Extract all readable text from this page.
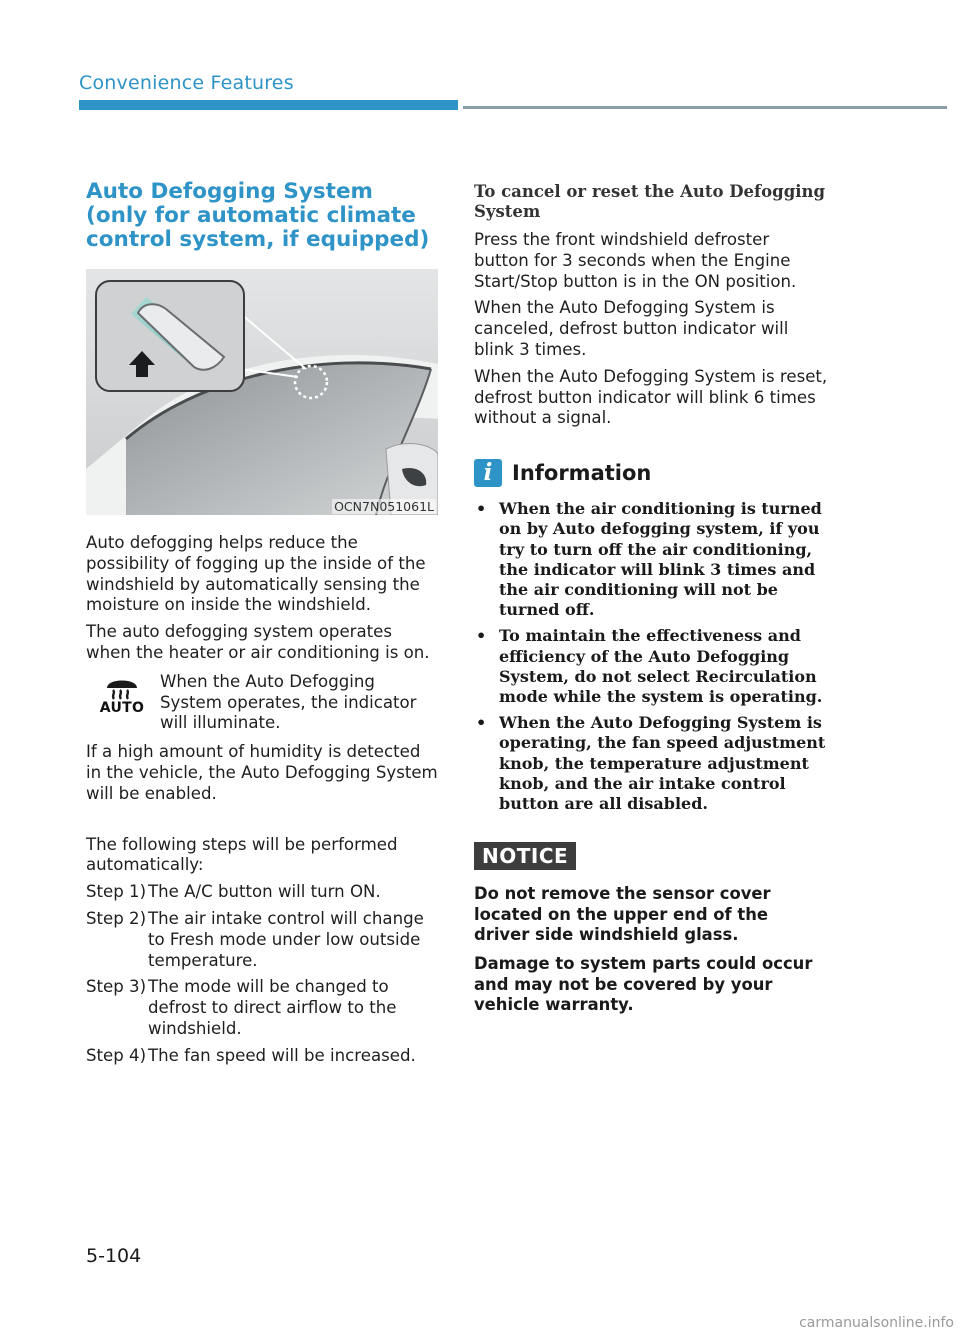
Convenience Features
Auto Defogging System (only for automatic climate control system, if equipped)
OCN7N051061L

Auto defogging helps reduce the possibility of fogging up the inside of the windshield by automatically sensing the moisture on inside the windshield.

The auto defogging system operates when the heater or air conditioning is on.

AUTO

When the Auto Defogging System operates, the indicator will illuminate.

If a high amount of humidity is detected in the vehicle, the Auto Defogging System will be enabled.

The following steps will be performed automatically:

Step 1) The A/C button will turn ON.
Step 2) The air intake control will change to Fresh mode under low outside temperature.
Step 3) The mode will be changed to defrost to direct airflow to the windshield.
Step 4) The fan speed will be increased.

To cancel or reset the Auto Defogging System

Press the front windshield defroster button for 3 seconds when the Engine Start/Stop button is in the ON position.

When the Auto Defogging System is canceled, defrost button indicator will blink 3 times.

When the Auto Defogging System is reset, defrost button indicator will blink 6 times without a signal.

i Information
• When the air conditioning is turned on by Auto defogging system, if you try to turn off the air conditioning, the indicator will blink 3 times and the air conditioning will not be turned off.
• To maintain the effectiveness and efficiency of the Auto Defogging System, do not select Recirculation mode while the system is operating.
• When the Auto Defogging System is operating, the fan speed adjustment knob, the temperature adjustment knob, and the air intake control button are all disabled.
NOTICE

Do not remove the sensor cover located on the upper end of the driver side windshield glass.

Damage to system parts could occur and may not be covered by your vehicle warranty.

5-104
carmanualsonline.info
